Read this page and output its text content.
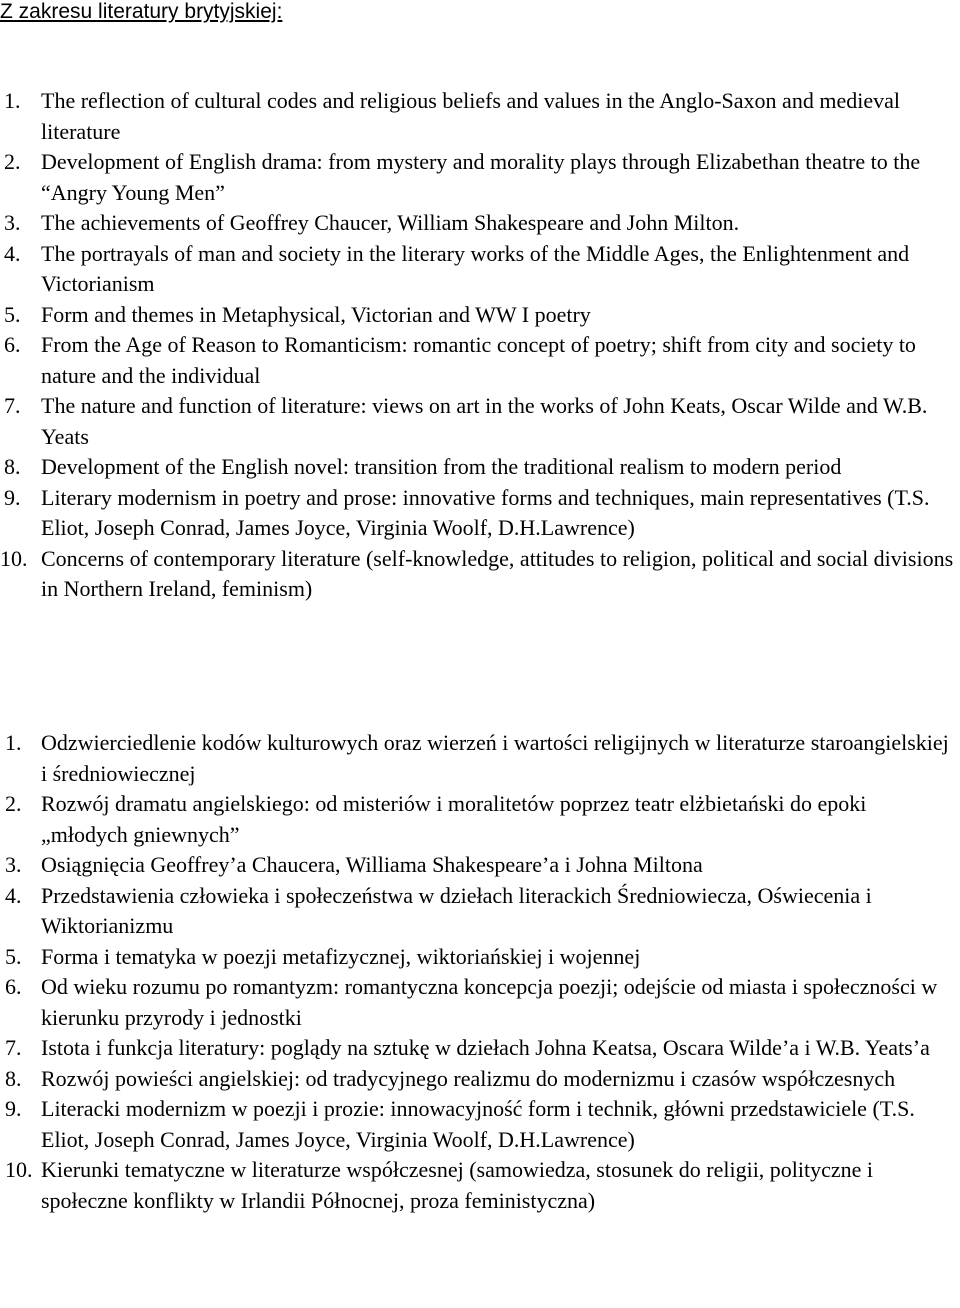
Z zakresu literatury brytyjskiej:
1. The reflection of cultural codes and religious beliefs and values in the Anglo-Saxon and medieval literature
2. Development of English drama: from mystery and morality plays through Elizabethan theatre to the “Angry Young Men”
3. The achievements of Geoffrey Chaucer, William Shakespeare and John Milton.
4. The portrayals of man and society in the literary works of the Middle Ages, the Enlightenment and Victorianism
5. Form and themes in Metaphysical, Victorian and WW I poetry
6. From the Age of Reason to Romanticism: romantic concept of poetry; shift from city and society to nature and the individual
7. The nature and function of literature: views on art in the works of John Keats, Oscar Wilde and W.B. Yeats
8. Development of the English novel: transition from the traditional realism to modern period
9. Literary modernism in poetry and prose: innovative forms and techniques, main representatives (T.S. Eliot, Joseph Conrad, James Joyce, Virginia Woolf, D.H.Lawrence)
10. Concerns of contemporary literature (self-knowledge, attitudes to religion, political and social divisions in Northern Ireland, feminism)
1. Odzwierciedlenie kodów kulturowych oraz wierzeń i wartości religijnych w literaturze staroangielskiej i średniowiecznej
2. Rozwój dramatu angielskiego: od misteriów i moralitetów poprzez teatr elżbietański do epoki „młodych gniewnych”
3. Osiągnięcia Geoffrey’a Chaucera, Williama Shakespeare’a i Johna Miltona
4. Przedstawienia człowieka i społeczeństwa w dziełach literackich Średniowiecza, Oświecenia i Wiktorianizmu
5. Forma i tematyka w poezji metafizycznej, wiktoriańskiej i wojennej
6. Od wieku rozumu po romantyzm: romantyczna koncepcja poezji; odejście od miasta i społeczności w kierunku przyrody i jednostki
7. Istota i funkcja literatury: poglądy na sztukę w dziełach Johna Keatsa, Oscara Wilde’a i W.B. Yeats’a
8. Rozwój powieści angielskiej: od tradycyjnego realizmu do modernizmu i czasów współczesnych
9. Literacki modernizm w poezji i prozie: innowacyjność form i technik, główni przedstawiciele (T.S. Eliot, Joseph Conrad, James Joyce, Virginia Woolf, D.H.Lawrence)
10. Kierunki tematyczne w literaturze współczesnej (samowiedza, stosunek do religii, polityczne i społeczne konflikty w Irlandii Północnej, proza feministyczna)
